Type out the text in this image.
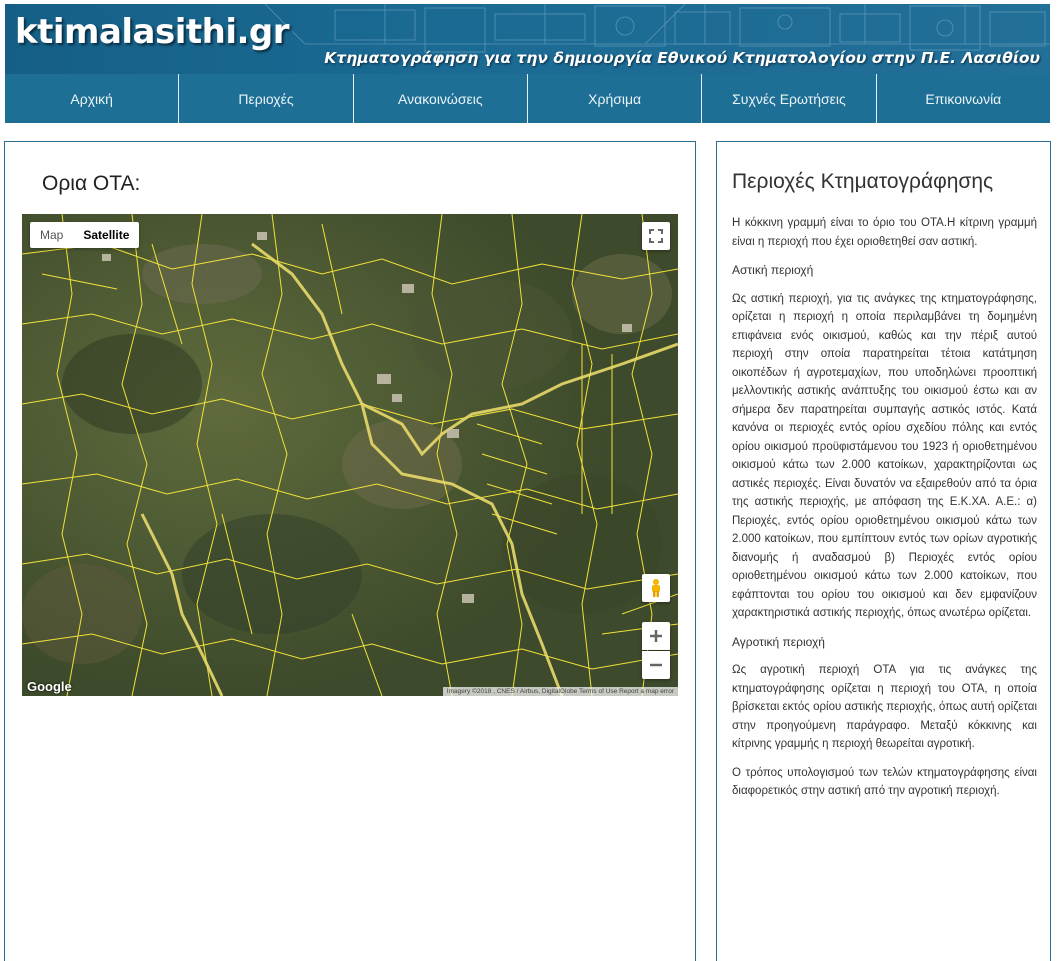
ktimalasithi.gr
Κτηματογράφηση για την δημιουργία Εθνικού Κτηματολογίου στην Π.Ε. Λασιθίου
Αρχική	Περιοχές	Ανακοινώσεις	Χρήσιμα	Συχνές Ερωτήσεις	Επικοινωνία
Ορια ΟΤΑ:
Map	Satellite
Google	Imagery ©2018 , CNES / Airbus, DigitalGlobe Terms of Use Report a map error
Περιοχές Κτηματογράφησης

Η κόκκινη γραμμή είναι το όριο του ΟΤΑ.Η κίτρινη γραμμή είναι η περιοχή που έχει οριοθετηθεί σαν αστική.

Αστική περιοχή

Ως αστική περιοχή, για τις ανάγκες της κτηματογράφησης, ορίζεται η περιοχή η οποία περιλαμβάνει τη δομημένη επιφάνεια ενός οικισμού, καθώς και την πέριξ αυτού περιοχή στην οποία παρατηρείται τέτοια κατάτμηση οικοπέδων ή αγροτεμαχίων, που υποδηλώνει προοπτική μελλοντικής αστικής ανάπτυξης του οικισμού έστω και αν σήμερα δεν παρατηρείται συμπαγής αστικός ιστός. Κατά κανόνα οι περιοχές εντός ορίου σχεδίου πόλης και εντός ορίου οικισμού προϋφιστάμενου του 1923 ή οριοθετημένου οικισμού κάτω των 2.000 κατοίκων, χαρακτηρίζονται ως αστικές περιοχές. Είναι δυνατόν να εξαιρεθούν από τα όρια της αστικής περιοχής, με απόφαση της Ε.Κ.ΧΑ. Α.Ε.: α) Περιοχές, εντός ορίου οριοθετημένου οικισμού κάτω των 2.000 κατοίκων, που εμπίπτουν εντός των ορίων αγροτικής διανομής ή αναδασμού β) Περιοχές εντός ορίου οριοθετημένου οικισμού κάτω των 2.000 κατοίκων, που εφάπτονται του ορίου του οικισμού και δεν εμφανίζουν χαρακτηριστικά αστικής περιοχής, όπως ανωτέρω ορίζεται.

Αγροτική περιοχή

Ως αγροτική περιοχή ΟΤΑ για τις ανάγκες της κτηματογράφησης ορίζεται η περιοχή του ΟΤΑ, η οποία βρίσκεται εκτός ορίου αστικής περιοχής, όπως αυτή ορίζεται στην προηγούμενη παράγραφο. Μεταξύ κόκκινης και κίτρινης γραμμής η περιοχή θεωρείται αγροτική.

Ο τρόπος υπολογισμού των τελών κτηματογράφησης είναι διαφορετικός στην αστική από την αγροτική περιοχή.
